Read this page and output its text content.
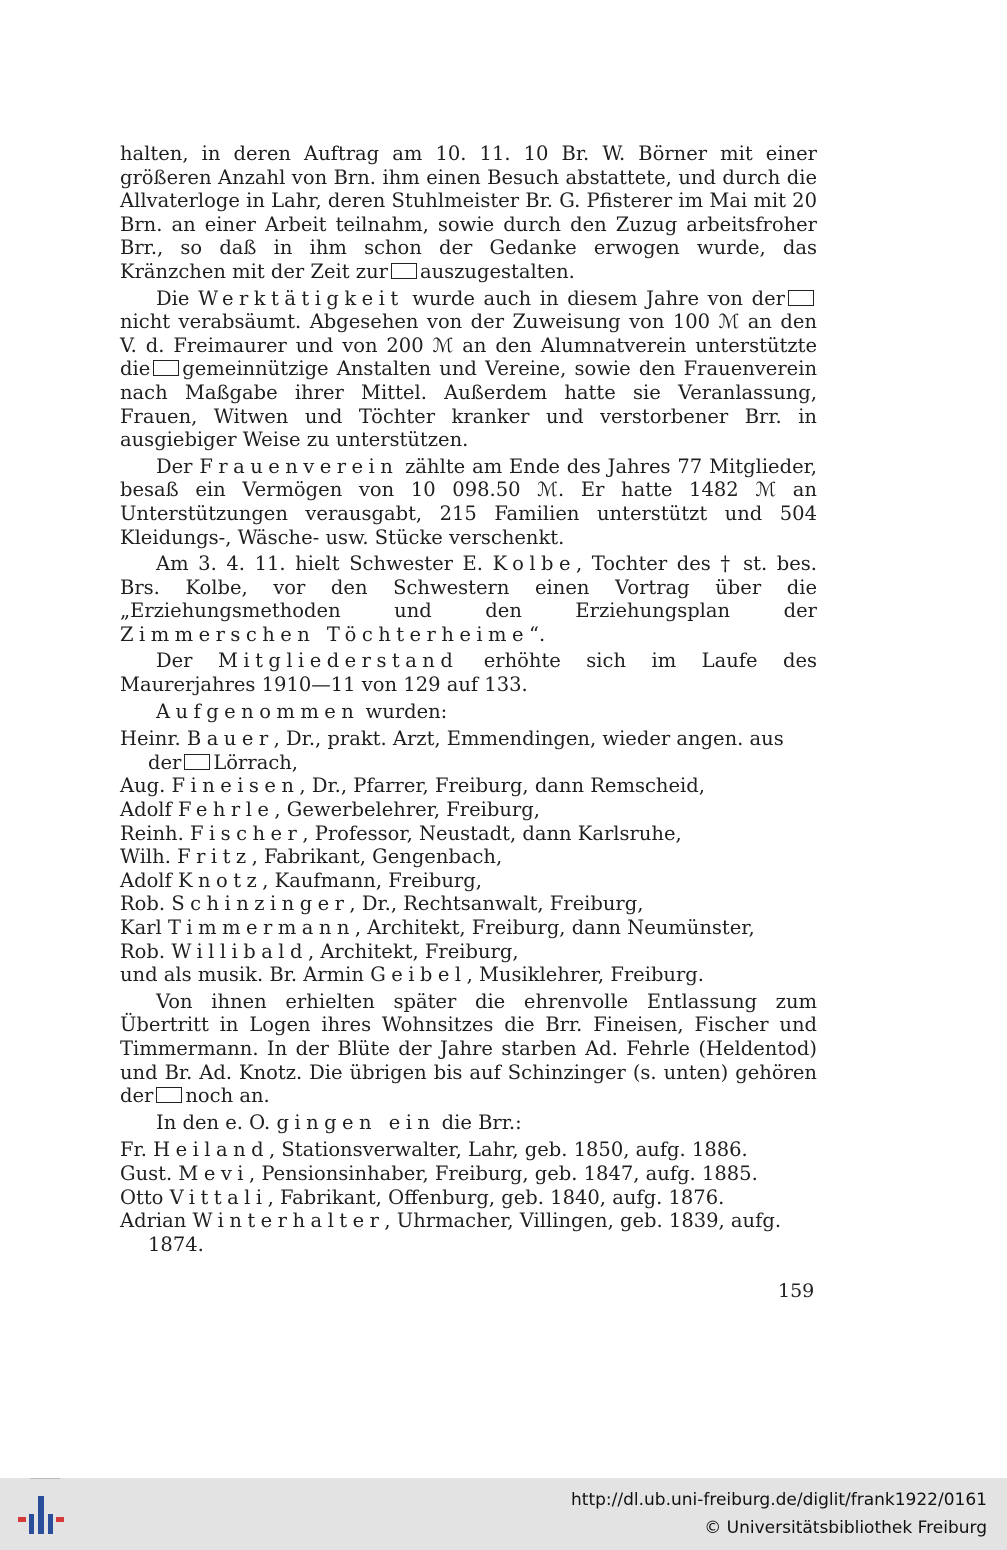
halten, in deren Auftrag am 10. 11. 10 Br. W. Börner mit einer größeren Anzahl von Brn. ihm einen Besuch abstattete, und durch die Allvaterloge in Lahr, deren Stuhlmeister Br. G. Pfisterer im Mai mit 20 Brn. an einer Arbeit teilnahm, sowie durch den Zuzug arbeitsfroher Brr., so daß in ihm schon der Gedanke erwogen wurde, das Kränzchen mit der Zeit zur auszugestalten.

Die Werktätigkeit wurde auch in diesem Jahre von der nicht verabsäumt. Abgesehen von der Zuweisung von 100 ℳ an den V. d. Freimaurer und von 200 ℳ an den Alumnatverein unterstützte die gemeinnützige Anstalten und Vereine, sowie den Frauenverein nach Maßgabe ihrer Mittel. Außerdem hatte sie Veranlassung, Frauen, Witwen und Töchter kranker und verstorbener Brr. in ausgiebiger Weise zu unterstützen.

Der Frauenverein zählte am Ende des Jahres 77 Mitglieder, besaß ein Vermögen von 10 098.50 ℳ. Er hatte 1482 ℳ an Unterstützungen verausgabt, 215 Familien unterstützt und 504 Kleidungs-, Wäsche- usw. Stücke verschenkt.

Am 3. 4. 11. hielt Schwester E. Kolbe, Tochter des † st. bes. Brs. Kolbe, vor den Schwestern einen Vortrag über die „Erziehungsmethoden und den Erziehungsplan der Zimmerschen Töchterheime“.

Der Mitgliederstand erhöhte sich im Laufe des Maurerjahres 1910—11 von 129 auf 133.

Aufgenommen wurden:

Heinr. Bauer, Dr., prakt. Arzt, Emmendingen, wieder angen. aus der Lörrach,
Aug. Fineisen, Dr., Pfarrer, Freiburg, dann Remscheid,
Adolf Fehrle, Gewerbelehrer, Freiburg,
Reinh. Fischer, Professor, Neustadt, dann Karlsruhe,
Wilh. Fritz, Fabrikant, Gengenbach,
Adolf Knotz, Kaufmann, Freiburg,
Rob. Schinzinger, Dr., Rechtsanwalt, Freiburg,
Karl Timmermann, Architekt, Freiburg, dann Neumünster,
Rob. Willibald, Architekt, Freiburg,
und als musik. Br. Armin Geibel, Musiklehrer, Freiburg.

Von ihnen erhielten später die ehrenvolle Entlassung zum Übertritt in Logen ihres Wohnsitzes die Brr. Fineisen, Fischer und Timmermann. In der Blüte der Jahre starben Ad. Fehrle (Heldentod) und Br. Ad. Knotz. Die übrigen bis auf Schinzinger (s. unten) gehören der noch an.

In den e. O. gingen ein die Brr.:

Fr. Heiland, Stationsverwalter, Lahr, geb. 1850, aufg. 1886.
Gust. Mevi, Pensionsinhaber, Freiburg, geb. 1847, aufg. 1885.
Otto Vittali, Fabrikant, Offenburg, geb. 1840, aufg. 1876.
Adrian Winterhalter, Uhrmacher, Villingen, geb. 1839, aufg. 1874.
159
http://dl.ub.uni-freiburg.de/diglit/frank1922/0161
© Universitätsbibliothek Freiburg
